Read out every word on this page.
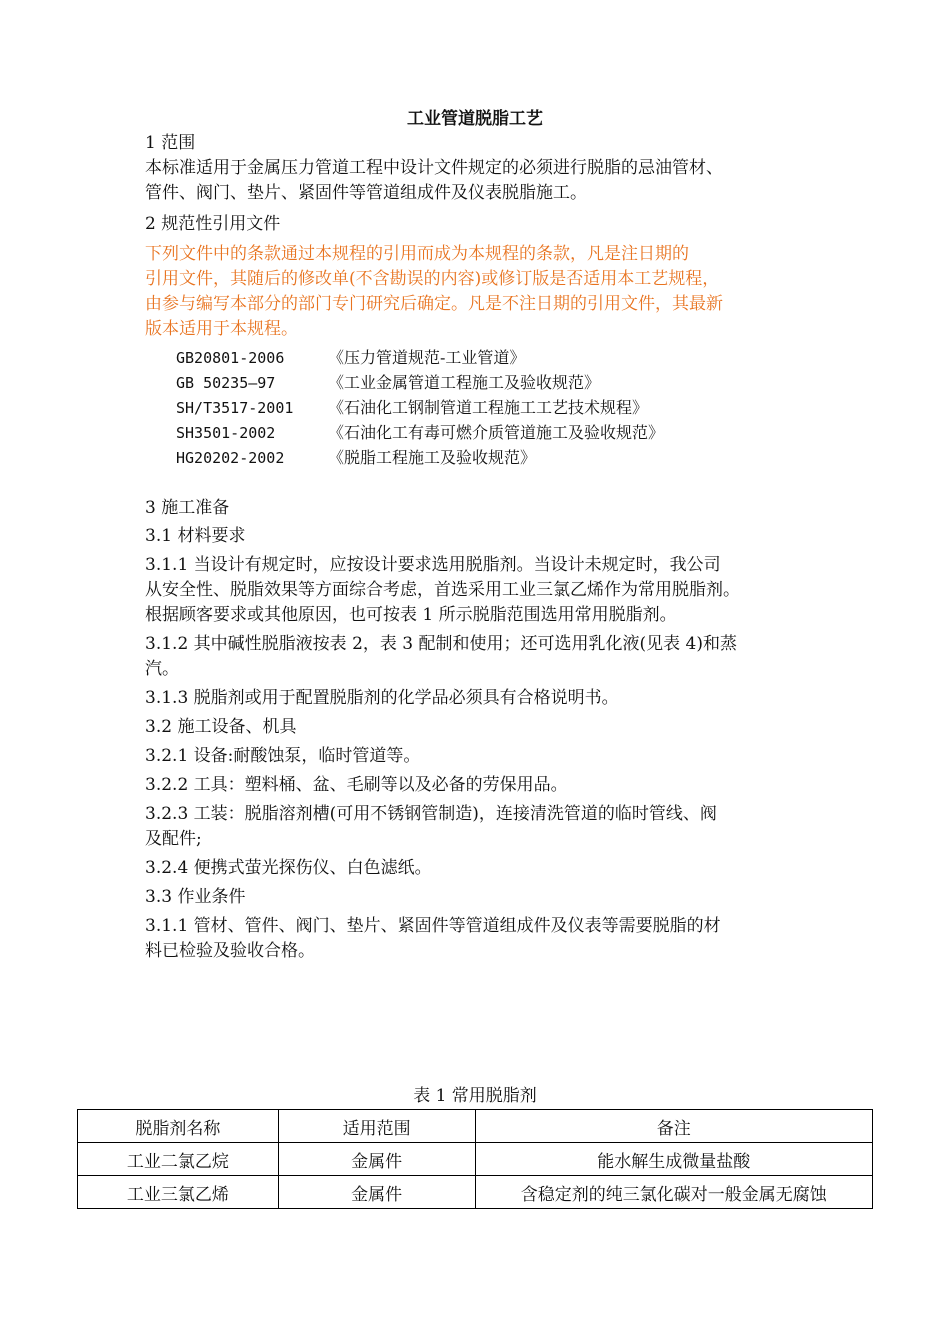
工业管道脱脂工艺
1 范围
本标准适用于金属压力管道工程中设计文件规定的必须进行脱脂的忌油管材、
管件、阀门、垫片、紧固件等管道组成件及仪表脱脂施工。
2 规范性引用文件
下列文件中的条款通过本规程的引用而成为本规程的条款，凡是注日期的
引用文件，其随后的修改单(不含勘误的内容)或修订版是否适用本工艺规程，
由参与编写本部分的部门专门研究后确定。凡是不注日期的引用文件，其最新
版本适用于本规程。
GB20801-2006	《压力管道规范-工业管道》
GB 50235—97	《工业金属管道工程施工及验收规范》
SH/T3517-2001 《石油化工钢制管道工程施工工艺技术规程》
SH3501-2002	《石油化工有毒可燃介质管道施工及验收规范》
HG20202-2002	《脱脂工程施工及验收规范》
3 施工准备
3.1 材料要求
3.1.1 当设计有规定时，应按设计要求选用脱脂剂。当设计未规定时，我公司
从安全性、脱脂效果等方面综合考虑，首选采用工业三氯乙烯作为常用脱脂剂。
根据顾客要求或其他原因，也可按表 1 所示脱脂范围选用常用脱脂剂。
3.1.2 其中碱性脱脂液按表 2，表 3 配制和使用；还可选用乳化液(见表 4)和蒸
汽。
3.1.3 脱脂剂或用于配置脱脂剂的化学品必须具有合格说明书。
3.2 施工设备、机具
3.2.1 设备:耐酸蚀泵，临时管道等。
3.2.2 工具：塑料桶、盆、毛刷等以及必备的劳保用品。
3.2.3 工装：脱脂溶剂槽(可用不锈钢管制造)，连接清洗管道的临时管线、阀
及配件;
3.2.4 便携式萤光探伤仪、白色滤纸。
3.3 作业条件
3.1.1 管材、管件、阀门、垫片、紧固件等管道组成件及仪表等需要脱脂的材
料已检验及验收合格。
表 1 常用脱脂剂
脱脂剂名称	适用范围	备注
工业二氯乙烷	金属件	能水解生成微量盐酸
工业三氯乙烯	金属件	含稳定剂的纯三氯化碳对一般金属无腐蚀
